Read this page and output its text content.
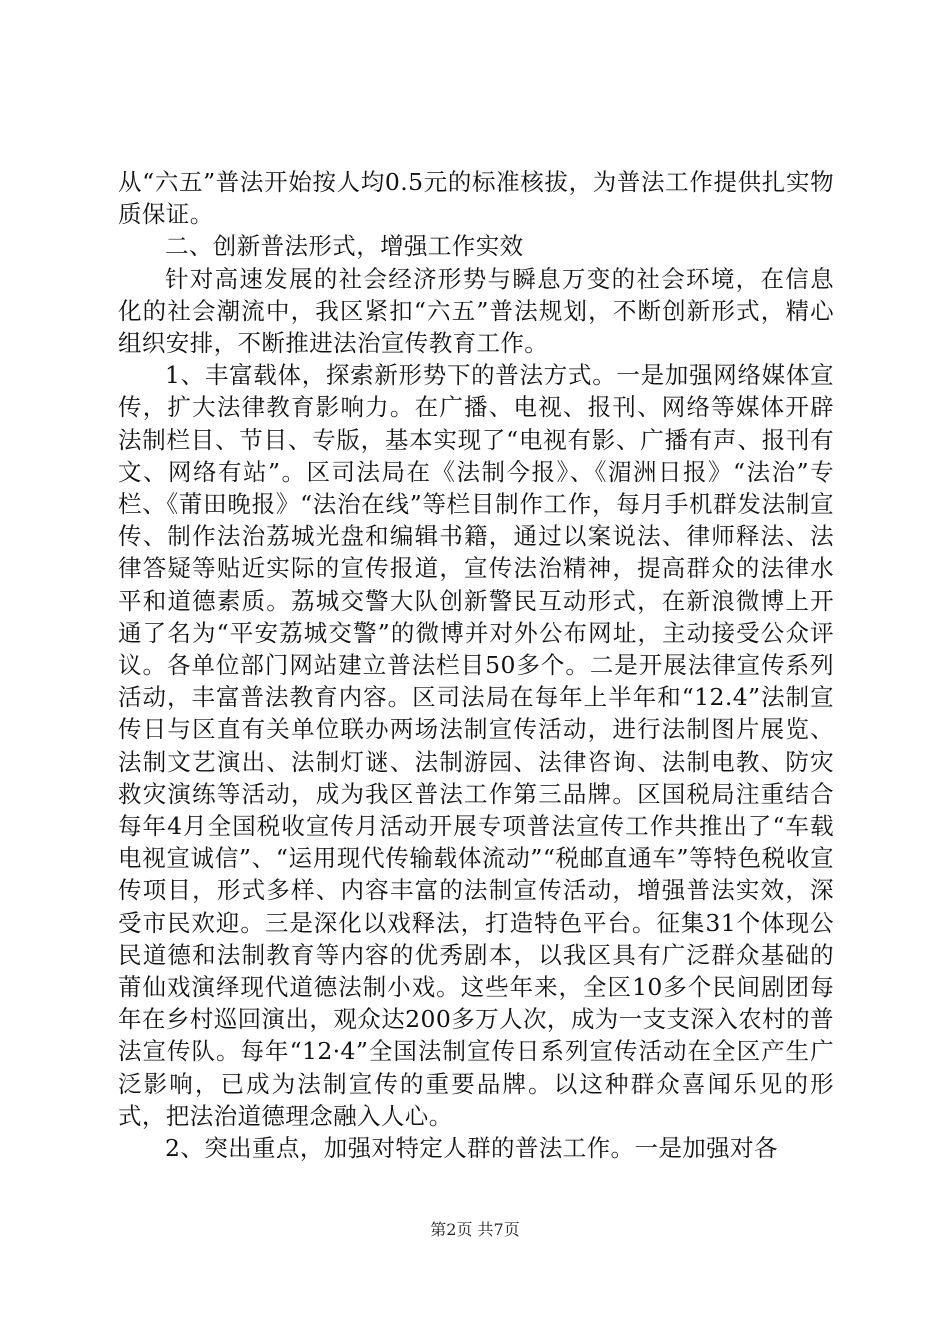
从“六五”普法开始按人均0.5元的标准核拔，为普法工作提供扎实物质保证。

二、创新普法形式，增强工作实效

针对高速发展的社会经济形势与瞬息万变的社会环境，在信息化的社会潮流中，我区紧扣“六五”普法规划，不断创新形式，精心组织安排，不断推进法治宣传教育工作。

1、丰富载体，探索新形势下的普法方式。一是加强网络媒体宣传，扩大法律教育影响力。在广播、电视、报刊、网络等媒体开辟法制栏目、节目、专版，基本实现了“电视有影、广播有声、报刊有文、网络有站”。区司法局在《法制今报》、《湄洲日报》“法治”专栏、《莆田晚报》“法治在线”等栏目制作工作，每月手机群发法制宣传、制作法治荔城光盘和编辑书籍，通过以案说法、律师释法、法律答疑等贴近实际的宣传报道，宣传法治精神，提高群众的法律水平和道德素质。荔城交警大队创新警民互动形式，在新浪微博上开通了名为“平安荔城交警”的微博并对外公布网址，主动接受公众评议。各单位部门网站建立普法栏目50多个。二是开展法律宣传系列活动，丰富普法教育内容。区司法局在每年上半年和“12.4”法制宣传日与区直有关单位联办两场法制宣传活动，进行法制图片展览、法制文艺演出、法制灯谜、法制游园、法律咨询、法制电教、防灾救灾演练等活动，成为我区普法工作第三品牌。区国税局注重结合每年4月全国税收宣传月活动开展专项普法宣传工作共推出了“车载电视宣诚信”、“运用现代传输载体流动”“税邮直通车”等特色税收宣传项目，形式多样、内容丰富的法制宣传活动，增强普法实效，深受市民欢迎。三是深化以戏释法，打造特色平台。征集31个体现公民道德和法制教育等内容的优秀剧本，以我区具有广泛群众基础的莆仙戏演绎现代道德法制小戏。这些年来，全区10多个民间剧团每年在乡村巡回演出，观众达200多万人次，成为一支支深入农村的普法宣传队。每年“12·4”全国法制宣传日系列宣传活动在全区产生广泛影响，已成为法制宣传的重要品牌。以这种群众喜闻乐见的形式，把法治道德理念融入人心。

2、突出重点，加强对特定人群的普法工作。一是加强对各

第2页 共7页
